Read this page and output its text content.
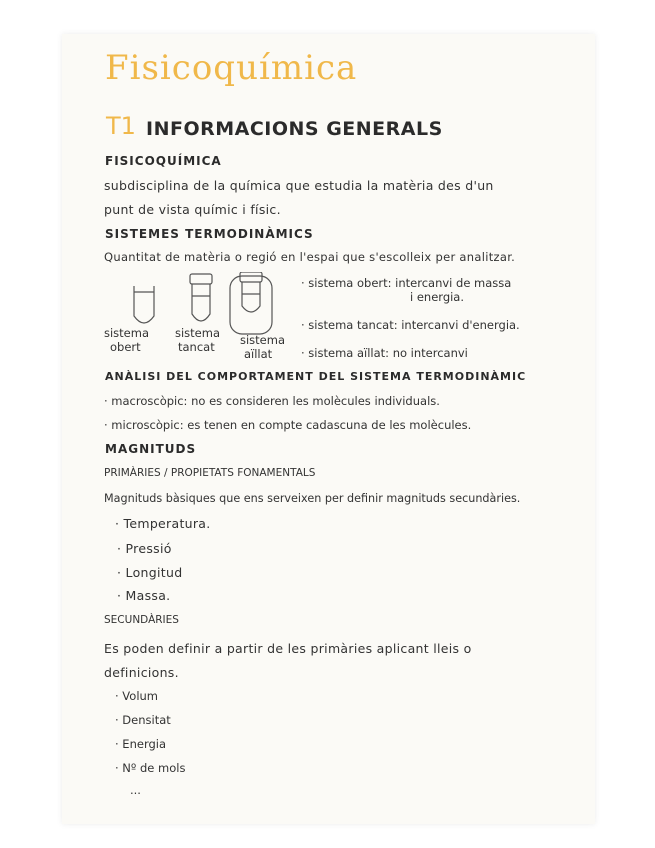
Fisicoquímica
T1 INFORMACIONS GENERALS
FISICOQUÍMICA
subdisciplina de la química que estudia la matèria des d'un
punt de vista químic i físic.
SISTEMES TERMODINÀMICS
Quantitat de matèria o regió en l'espai que s'escolleix per analitzar.
sistema
obert
sistema
tancat sistema
aïllat
· sistema obert: intercanvi de massa
i energia.
· sistema tancat: intercanvi d'energia.
· sistema aïllat: no intercanvi
ANÀLISI DEL COMPORTAMENT DEL SISTEMA TERMODINÀMIC
· macroscòpic: no es consideren les molècules individuals.
· microscòpic: es tenen en compte cadascuna de les molècules.
MAGNITUDS
PRIMÀRIES / PROPIETATS FONAMENTALS
Magnituds bàsiques que ens serveixen per definir magnituds secundàries.
· Temperatura.
· Pressió
· Longitud
· Massa.
SECUNDÀRIES
Es poden definir a partir de les primàries aplicant lleis o
definicions.
· Volum
· Densitat
· Energia
· Nº de mols
...
